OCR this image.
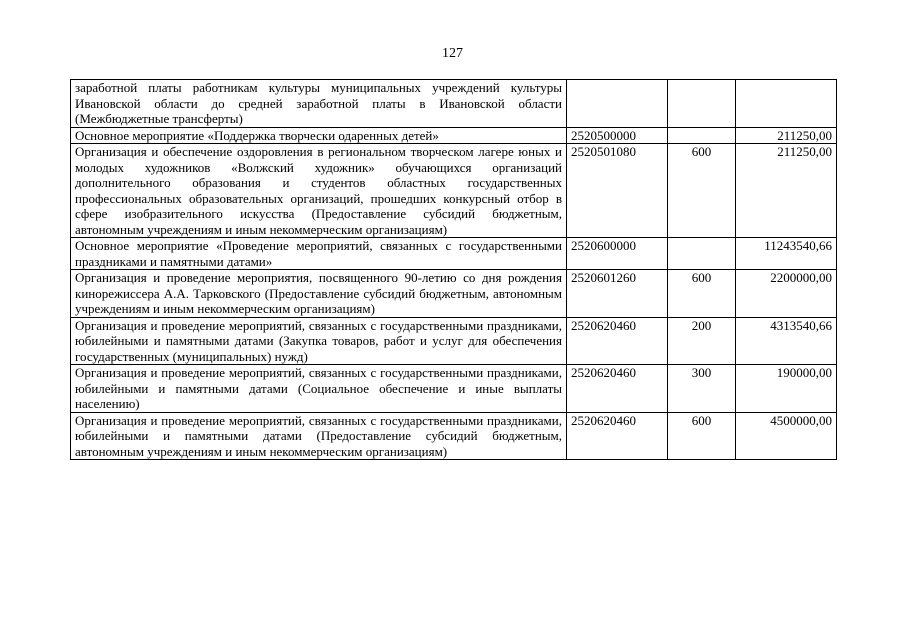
127
заработной платы работникам культуры муниципальных учреждений культуры Ивановской области до средней заработной платы в Ивановской области (Межбюджетные трансферты)			
Основное мероприятие «Поддержка творчески одаренных детей»	2520500000		211250,00
Организация и обеспечение оздоровления в региональном творческом лагере юных и молодых художников «Волжский художник» обучающихся организаций дополнительного образования и студентов областных государственных профессиональных образовательных организаций, прошедших конкурсный отбор в сфере изобразительного искусства (Предоставление субсидий бюджетным, автономным учреждениям и иным некоммерческим организациям)	2520501080	600	211250,00
Основное мероприятие «Проведение мероприятий, связанных с государственными праздниками и памятными датами»	2520600000		11243540,66
Организация и проведение мероприятия, посвященного 90-летию со дня рождения кинорежиссера А.А. Тарковского (Предоставление субсидий бюджетным, автономным учреждениям и иным некоммерческим организациям)	2520601260	600	2200000,00
Организация и проведение мероприятий, связанных с государственными праздниками, юбилейными и памятными датами (Закупка товаров, работ и услуг для обеспечения государственных (муниципальных) нужд)	2520620460	200	4313540,66
Организация и проведение мероприятий, связанных с государственными праздниками, юбилейными и памятными датами (Социальное обеспечение и иные выплаты населению)	2520620460	300	190000,00
Организация и проведение мероприятий, связанных с государственными праздниками, юбилейными и памятными датами (Предоставление субсидий бюджетным, автономным учреждениям и иным некоммерческим организациям)	2520620460	600	4500000,00
